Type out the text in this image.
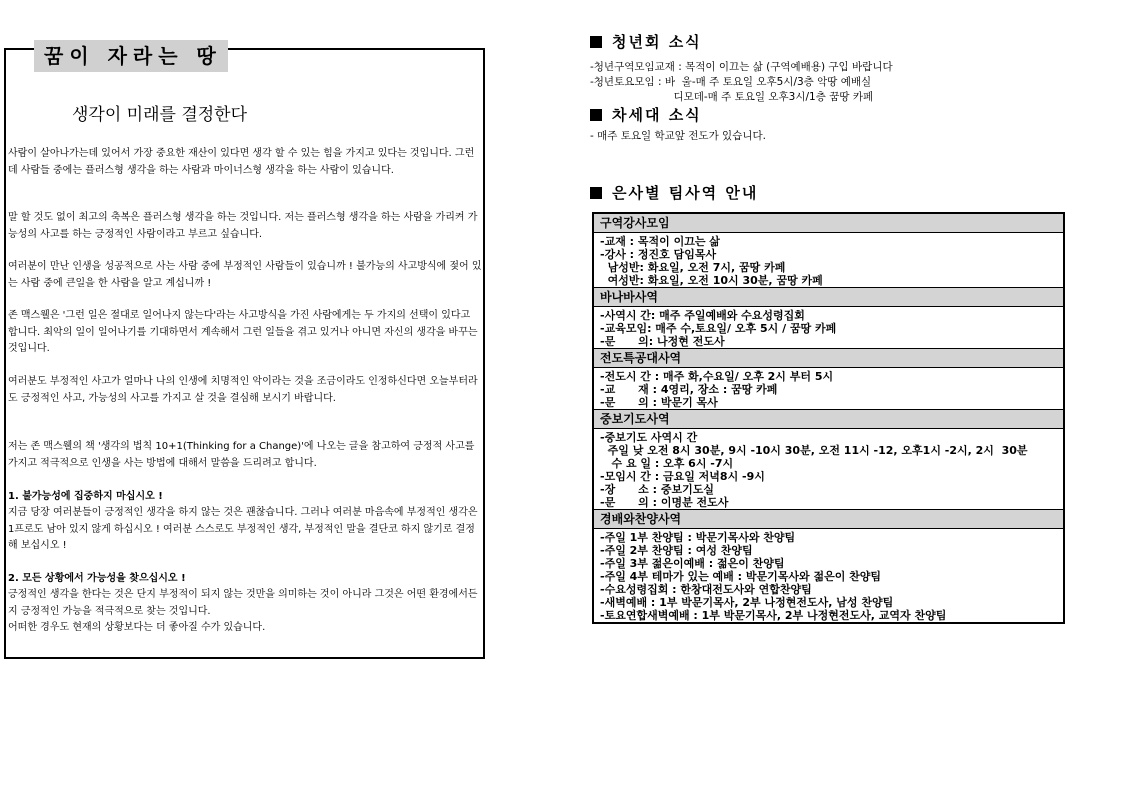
꿈이 자라는 땅
생각이 미래를 결정한다
사람이 살아나가는데 있어서 가장 중요한 재산이 있다면 생각 할 수 있는 힘을 가지고 있다는 것입니다. 그런데 사람들 중에는 플러스형 생각을 하는 사람과 마이너스형 생각을 하는 사람이 있습니다.
말 할 것도 없이 최고의 축복은 플러스형 생각을 하는 것입니다. 저는 플러스형 생각을 하는 사람을 가리켜 가능성의 사고를 하는 긍정적인 사람이라고 부르고 싶습니다.
여러분이 만난 인생을 성공적으로 사는 사람 중에 부정적인 사람들이 있습니까 ! 불가능의 사고방식에 젖어 있는 사람 중에 큰일을 한 사람을 알고 계십니까 !
존 맥스웰은 '그런 일은 절대로 일어나지 않는다'라는 사고방식을 가진 사람에게는 두 가지의 선택이 있다고 합니다. 최악의 일이 일어나기를 기대하면서 계속해서 그런 일들을 겪고 있거나 아니면 자신의 생각을 바꾸는 것입니다.
여러분도 부정적인 사고가 얼마나 나의 인생에 치명적인 악이라는 것을 조금이라도 인정하신다면 오늘부터라도 긍정적인 사고, 가능성의 사고를 가지고 살 것을 결심해 보시기 바랍니다.
저는 존 맥스웰의 책 '생각의 법칙 10+1(Thinking for a Change)'에 나오는 글을 참고하여 긍정적 사고를 가지고 적극적으로 인생을 사는 방법에 대해서 말씀을 드리려고 합니다.
1. 불가능성에 집중하지 마십시오 !
지금 당장 여러분들이 긍정적인 생각을 하지 않는 것은 괜찮습니다. 그러나 여러분 마음속에 부정적인 생각은 1프로도 남아 있지 않게 하십시오 ! 여러분 스스로도 부정적인 생각, 부정적인 말을 결단코 하지 않기로 결정해 보십시오 !
2. 모든 상황에서 가능성을 찾으십시오 !
긍정적인 생각을 한다는 것은 단지 부정적이 되지 않는 것만을 의미하는 것이 아니라 그것은 어떤 환경에서든지 긍정적인 가능을 적극적으로 찾는 것입니다.
어떠한 경우도 현재의 상황보다는 더 좋아질 수가 있습니다.
청년회 소식
-청년구역모임교재 : 목적이 이끄는 삶 (구역예배용) 구입 바랍니다
-청년토요모임 : 바  울-매 주 토요일 오후5시/3층 악땅 예배실
디모데-매 주 토요일 오후3시/1층 꿈땅 카페
차세대 소식
- 매주 토요일 학교앞 전도가 있습니다.
은사별 팀사역 안내
구역강사모임
-교재 : 목적이 이끄는 삶
-강사 : 정진호 담임목사
남성반: 화요일, 오전 7시, 꿈땅 카페
여성반: 화요일, 오전 10시 30분, 꿈땅 카페
바나바사역
-사역시 간: 매주 주일예배와 수요성령집회
-교육모임: 매주 수,토요일/ 오후 5시 / 꿈땅 카페
-문      의: 나정현 전도사
전도특공대사역
-전도시 간 : 매주 화,수요일/ 오후 2시 부터 5시
-교      재 : 4영리, 장소 : 꿈땅 카페
-문      의 : 박문기 목사
중보기도사역
-중보기도 사역시 간
주일 낮 오전 8시 30분, 9시 -10시 30분, 오전 11시 -12, 오후1시 -2시, 2시  30분
수 요 일 : 오후 6시 -7시
-모임시 간 : 금요일 저녁8시 -9시
-장      소 : 중보기도실
-문      의 : 이명분 전도사
경배와찬양사역
-주일 1부 찬양팀 : 박문기목사와 찬양팀
-주일 2부 찬양팀 : 여성 찬양팀
-주일 3부 젊은이예배 : 젊은이 찬양팀
-주일 4부 테마가 있는 예배 : 박문기목사와 젊은이 찬양팀
-수요성령집회 : 한창대전도사와 연합찬양팀
-새벽예배 : 1부 박문기목사, 2부 나정현전도사, 남성 찬양팀
-토요연합새벽예배 : 1부 박문기목사, 2부 나정현전도사, 교역자 찬양팀
